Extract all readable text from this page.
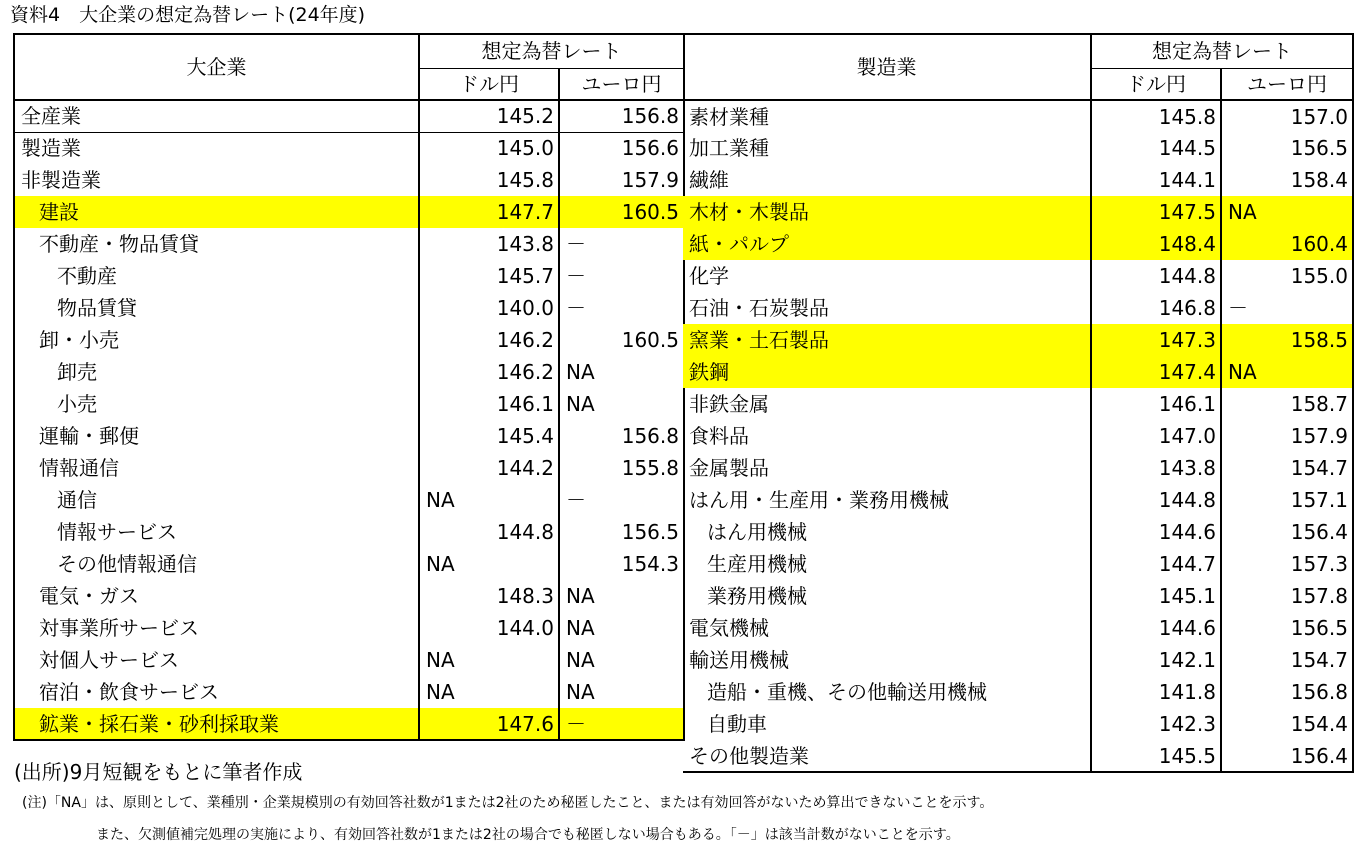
資料4　大企業の想定為替レート(24年度)
大企業	想定為替レート	
	ドル円	ユーロ円
全産業	145.2	156.8
製造業	145.0	156.6
非製造業	145.8	157.9
建設	147.7	160.5
不動産・物品賃貸	143.8	－
不動産	145.7	－
物品賃貸	140.0	－
卸・小売	146.2	160.5
卸売	146.2	NA
小売	146.1	NA
運輸・郵便	145.4	156.8
情報通信	144.2	155.8
通信	NA	－
情報サービス	144.8	156.5
その他情報通信	NA	154.3
電気・ガス	148.3	NA
対事業所サービス	144.0	NA
対個人サービス	NA	NA
宿泊・飲食サービス	NA	NA
鉱業・採石業・砂利採取業	147.6	－
製造業	想定為替レート	
	ドル円	ユーロ円
素材業種	145.8	157.0
加工業種	144.5	156.5
繊維	144.1	158.4
木材・木製品	147.5	NA
紙・パルプ	148.4	160.4
化学	144.8	155.0
石油・石炭製品	146.8	－
窯業・土石製品	147.3	158.5
鉄鋼	147.4	NA
非鉄金属	146.1	158.7
食料品	147.0	157.9
金属製品	143.8	154.7
はん用・生産用・業務用機械	144.8	157.1
はん用機械	144.6	156.4
生産用機械	144.7	157.3
業務用機械	145.1	157.8
電気機械	144.6	156.5
輸送用機械	142.1	154.7
造船・重機、その他輸送用機械	141.8	156.8
自動車	142.3	154.4
その他製造業	145.5	156.4
(出所)9月短観をもとに筆者作成
(注)「NA」は、原則として、業種別・企業規模別の有効回答社数が1または2社のため秘匿したこと、または有効回答がないため算出できないことを示す。
また、欠測値補完処理の実施により、有効回答社数が1または2社の場合でも秘匿しない場合もある。「－」は該当計数がないことを示す。
